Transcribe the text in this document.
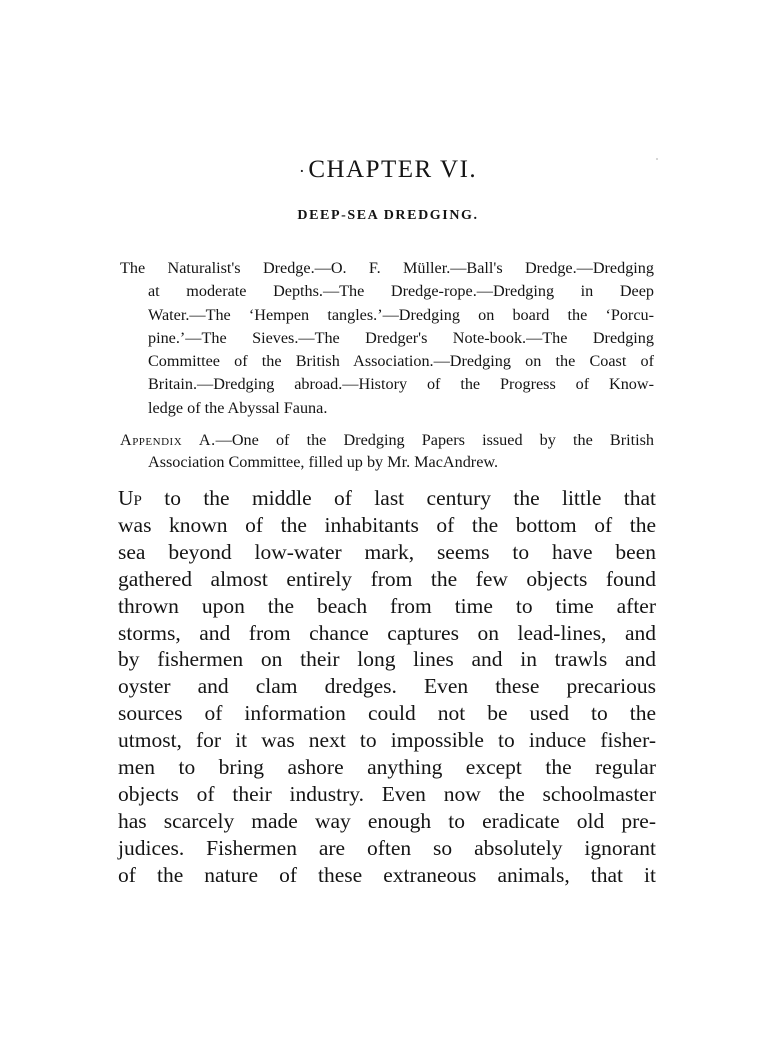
·CHAPTER VI.
DEEP-SEA DREDGING.

The Naturalist's Dredge.—O. F. Müller.—Ball's Dredge.—Dredging
at moderate Depths.—The Dredge-rope.—Dredging in Deep
Water.—The ‘Hempen tangles.’—Dredging on board the ‘Porcu-
pine.’—The Sieves.—The Dredger's Note-book.—The Dredging
Committee of the British Association.—Dredging on the Coast of
Britain.—Dredging abroad.—History of the Progress of Know-
ledge of the Abyssal Fauna.

Appendix A.—One of the Dredging Papers issued by the British
Association Committee, filled up by Mr. MacAndrew.

Up to the middle of last century the little that
was known of the inhabitants of the bottom of the
sea beyond low-water mark, seems to have been
gathered almost entirely from the few objects found
thrown upon the beach from time to time after
storms, and from chance captures on lead-lines, and
by fishermen on their long lines and in trawls and
oyster and clam dredges. Even these precarious
sources of information could not be used to the
utmost, for it was next to impossible to induce fisher-
men to bring ashore anything except the regular
objects of their industry. Even now the schoolmaster
has scarcely made way enough to eradicate old pre-
judices. Fishermen are often so absolutely ignorant
of the nature of these extraneous animals, that it
